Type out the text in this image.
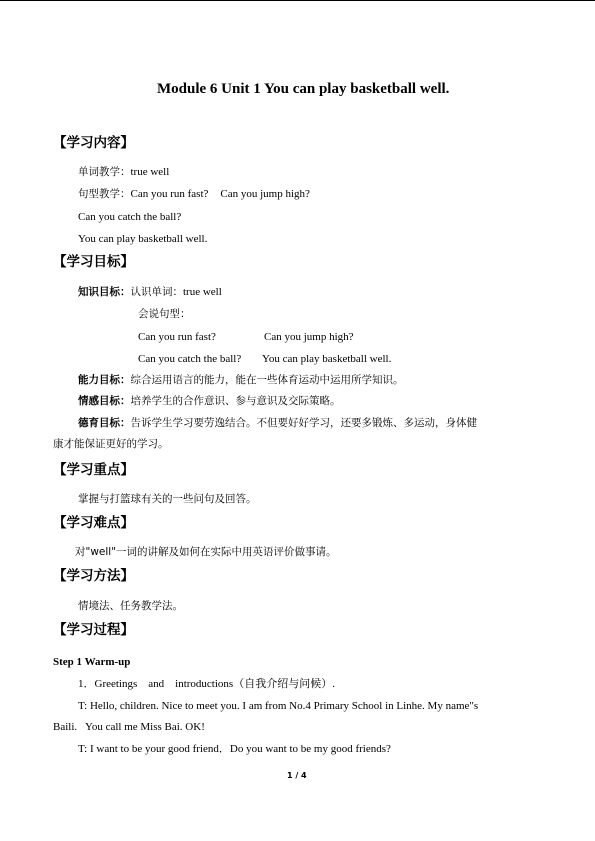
Module 6 Unit 1 You can play basketball well.
【学习内容】
单词教学：true well
句型教学：Can you run fast? Can you jump high?
Can you catch the ball?
You can play basketball well.
【学习目标】
知识目标：认识单词：true well
会说句型：
Can you run fast?	Can you jump high?
Can you catch the ball? You can play basketball well.
能力目标：综合运用语言的能力，能在一些体育运动中运用所学知识。
情感目标：培养学生的合作意识、参与意识及交际策略。
德育目标：告诉学生学习要劳逸结合。不但要好好学习，还要多锻炼、多运动，身体健
康才能保证更好的学习。
【学习重点】
掌握与打篮球有关的一些问句及回答。
【学习难点】
对"well"一词的讲解及如何在实际中用英语评价做事请。
【学习方法】
情境法、任务教学法。
【学习过程】
Step 1 Warm-up
1．Greetings    and    introductions（自我介绍与问候）.
T: Hello, children. Nice to meet you. I am from No.4 Primary School in Linhe. My name"s
Baili.   You call me Miss Bai. OK!
T: I want to be your good friend．Do you want to be my good friends?
1 / 4
